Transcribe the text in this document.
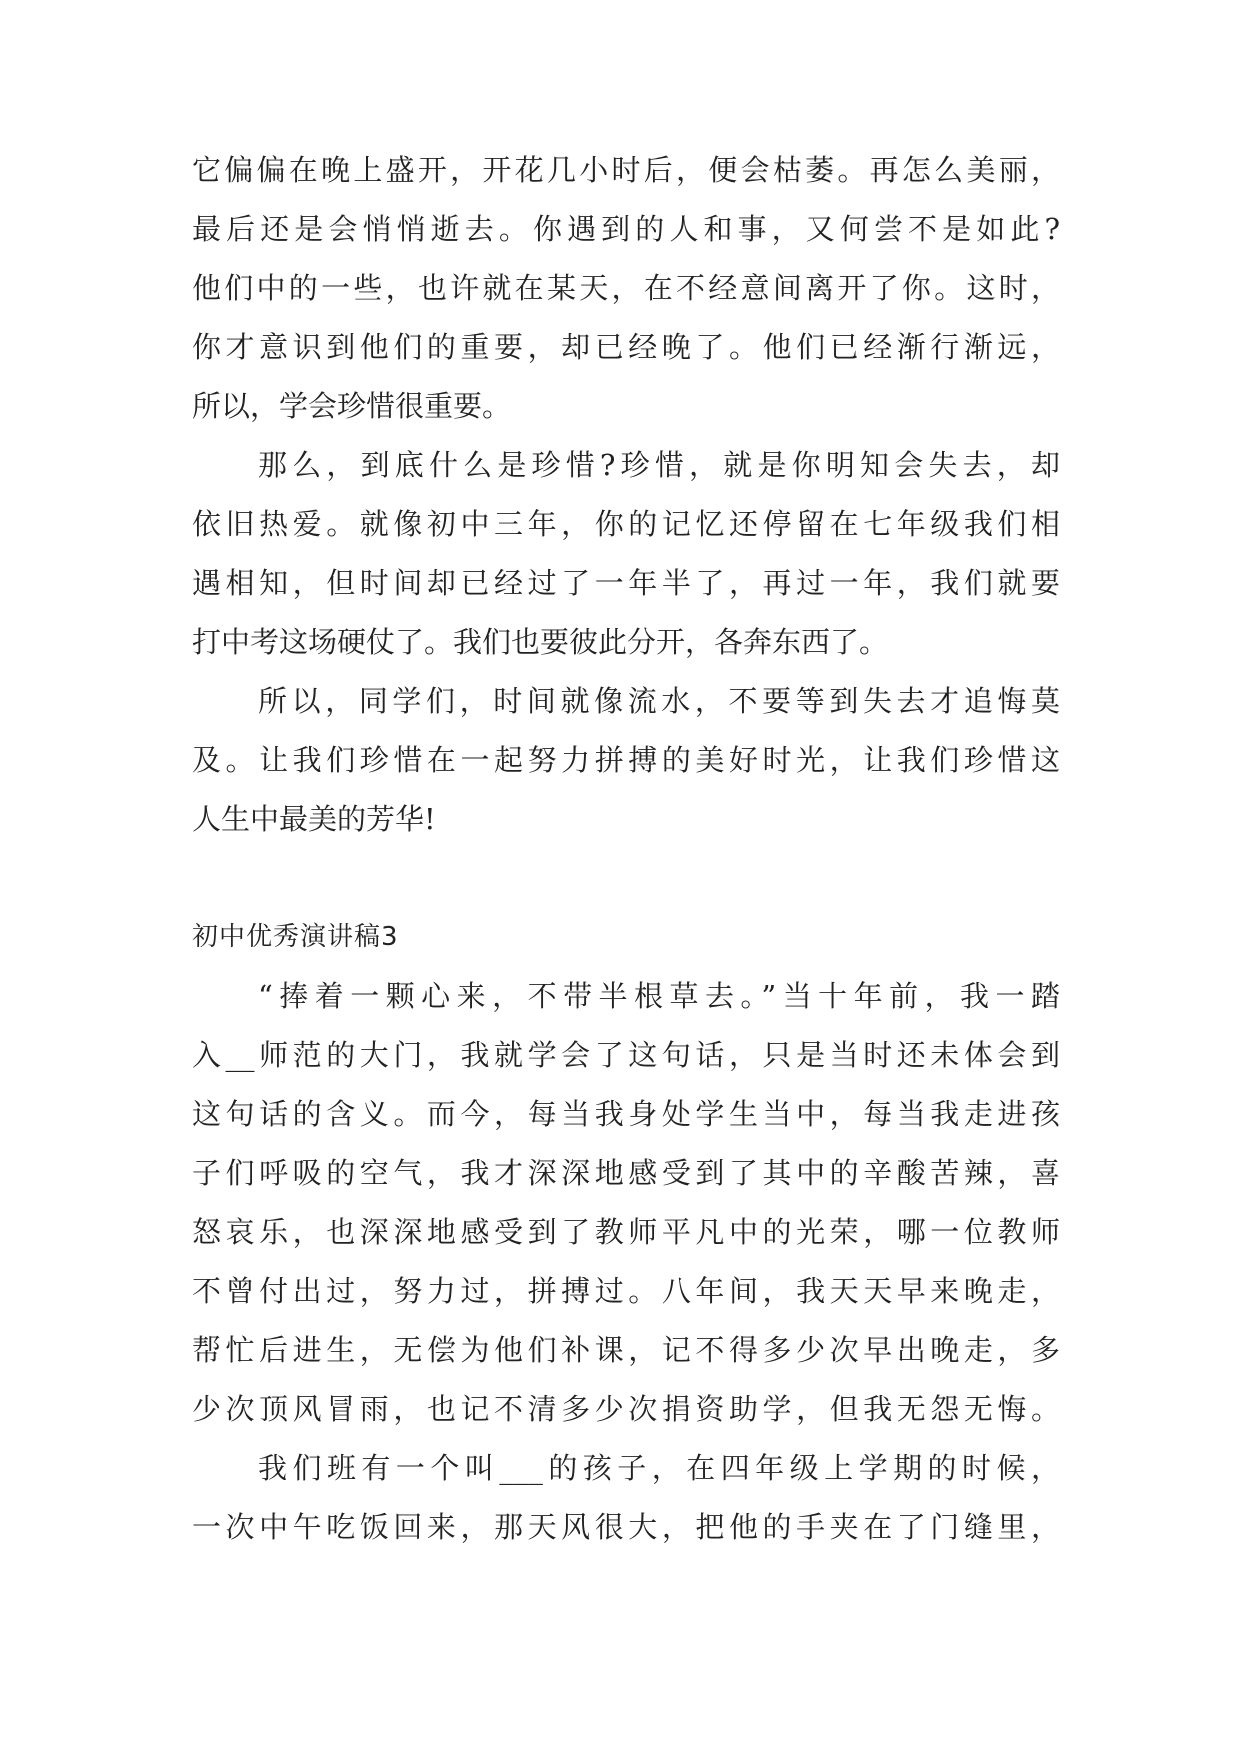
它偏偏在晚上盛开，开花几小时后，便会枯萎。再怎么美丽，
最后还是会悄悄逝去。你遇到的人和事，又何尝不是如此?
他们中的一些，也许就在某天，在不经意间离开了你。这时，
你才意识到他们的重要，却已经晚了。他们已经渐行渐远，
所以，学会珍惜很重要。
那么，到底什么是珍惜?珍惜，就是你明知会失去，却
依旧热爱。就像初中三年，你的记忆还停留在七年级我们相
遇相知，但时间却已经过了一年半了，再过一年，我们就要
打中考这场硬仗了。我们也要彼此分开，各奔东西了。
所以，同学们，时间就像流水，不要等到失去才追悔莫
及。让我们珍惜在一起努力拼搏的美好时光，让我们珍惜这
人生中最美的芳华!
初中优秀演讲稿3
“捧着一颗心来，不带半根草去。”当十年前，我一踏
入__师范的大门，我就学会了这句话，只是当时还未体会到
这句话的含义。而今，每当我身处学生当中，每当我走进孩
子们呼吸的空气，我才深深地感受到了其中的辛酸苦辣，喜
怒哀乐，也深深地感受到了教师平凡中的光荣，哪一位教师
不曾付出过，努力过，拼搏过。八年间，我天天早来晚走，
帮忙后进生，无偿为他们补课，记不得多少次早出晚走，多
少次顶风冒雨，也记不清多少次捐资助学，但我无怨无悔。
我们班有一个叫___的孩子，在四年级上学期的时候，
一次中午吃饭回来，那天风很大，把他的手夹在了门缝里，
